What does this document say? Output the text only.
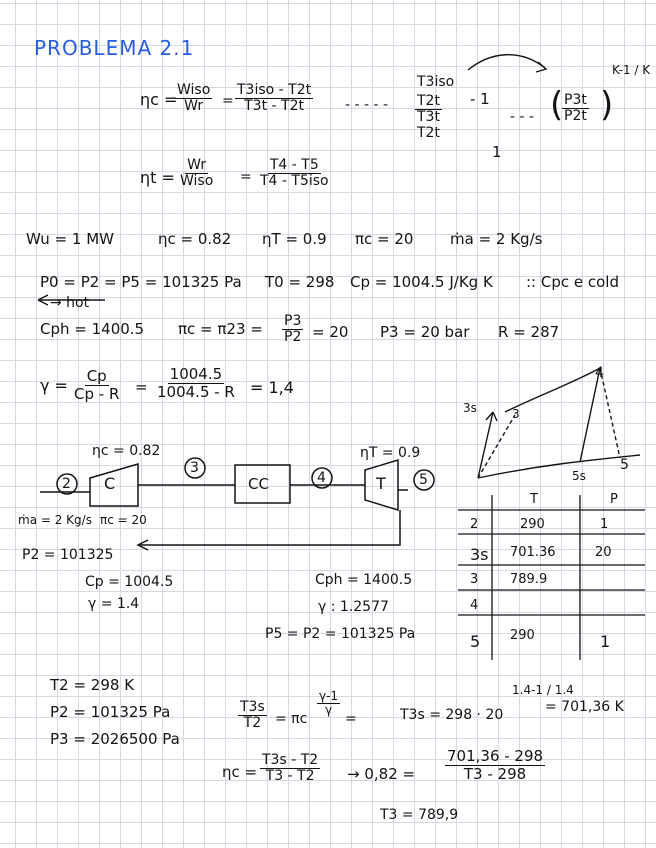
PROBLEMA 2.1
ηc = Wiso
Wr =
T3iso - T2t
T3t - T2t	- - - - -
T3iso
T2t
T3t
T2t
- 1
1
- - - (
$\frac{P3t}{P2t}$ )
K-1 / K
ηt =
Wr
Wiso =
T4 - T5
T4 - T5iso
Wu = 1 MW	ηc = 0.82 ηT = 0.9 πc = 20 ṁa = 2 Kg/s
P0 = P2 = P5 = 101325 Pa T0 = 298 Cp = 1004.5 J/Kg K :: Cpc e cold
→ hot
Cph = 1400.5 $\pi c = \pi 23 = \frac{P3}{P2} = 20$ P3 = 20 bar R = 287
$\gamma = \frac{Cp}{Cp - R} = \frac{1004.5}{1004.5 - R} = 1,4$
2 C
3
CC	4	T 5
ηc = 0.82	ηT = 0.9
ṁa = 2 Kg/s πc = 20
P2 = 101325
Cp = 1004.5
γ = 1.4
Cph = 1400.5
γ : 1.2577
P5 = P2 = 101325 Pa
4
3s	3
5s
5
T	P
2	290	1
3s 701.36	20
3 789.9
4
5 290	1
T2 = 298 K
P2 = 101325 Pa
P3 = 2026500 Pa
$\frac{T3s}{T2} = \pi c$
$\frac{\gamma-1}{\gamma}$
=	T3s = 298 · 20
1.4-1 / 1.4
= 701,36 K
$\eta c = \frac{T3s - T2}{T3 - T2} \to 0,82 = \frac{701,36 - 298}{T3 - 298}$
T3 = 789,9
